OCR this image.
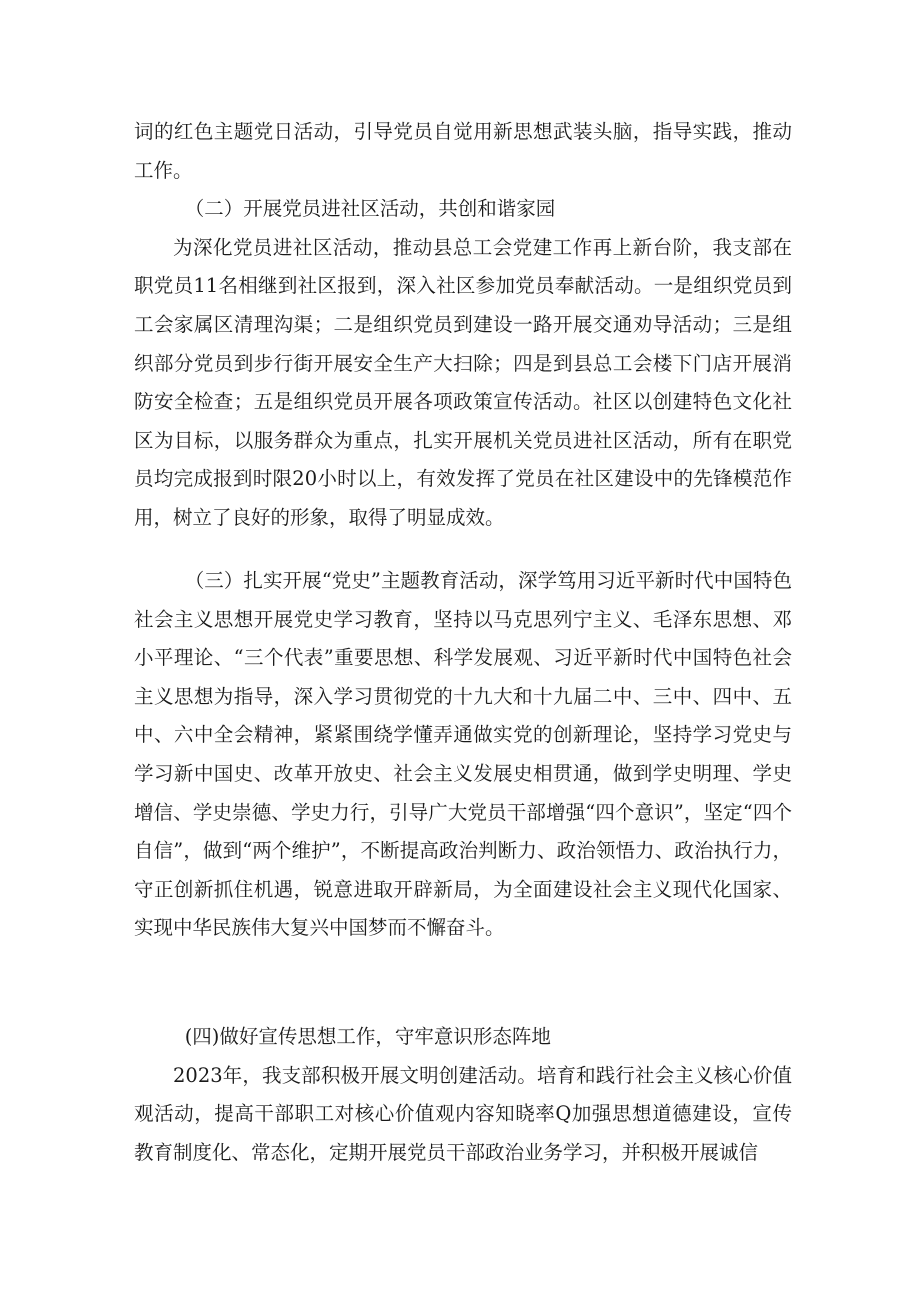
词的红色主题党日活动，引导党员自觉用新思想武装头脑，指导实践，推动工作。

（二）开展党员进社区活动，共创和谐家园

为深化党员进社区活动，推动县总工会党建工作再上新台阶，我支部在职党员11名相继到社区报到，深入社区参加党员奉献活动。一是组织党员到工会家属区清理沟渠；二是组织党员到建设一路开展交通劝导活动；三是组织部分党员到步行街开展安全生产大扫除；四是到县总工会楼下门店开展消防安全检查；五是组织党员开展各项政策宣传活动。社区以创建特色文化社区为目标，以服务群众为重点，扎实开展机关党员进社区活动，所有在职党员均完成报到时限20小时以上，有效发挥了党员在社区建设中的先锋模范作用，树立了良好的形象，取得了明显成效。

（三）扎实开展“党史”主题教育活动，深学笃用习近平新时代中国特色社会主义思想开展党史学习教育，坚持以马克思列宁主义、毛泽东思想、邓小平理论、“三个代表”重要思想、科学发展观、习近平新时代中国特色社会主义思想为指导，深入学习贯彻党的十九大和十九届二中、三中、四中、五中、六中全会精神，紧紧围绕学懂弄通做实党的创新理论，坚持学习党史与学习新中国史、改革开放史、社会主义发展史相贯通，做到学史明理、学史增信、学史崇德、学史力行，引导广大党员干部增强“四个意识”，坚定“四个自信”，做到“两个维护”，不断提高政治判断力、政治领悟力、政治执行力，守正创新抓住机遇，锐意进取开辟新局，为全面建设社会主义现代化国家、实现中华民族伟大复兴中国梦而不懈奋斗。

(四)做好宣传思想工作，守牢意识形态阵地

2023年，我支部积极开展文明创建活动。培育和践行社会主义核心价值观活动，提高干部职工对核心价值观内容知晓率Q加强思想道德建设，宣传教育制度化、常态化，定期开展党员干部政治业务学习，并积极开展诚信
